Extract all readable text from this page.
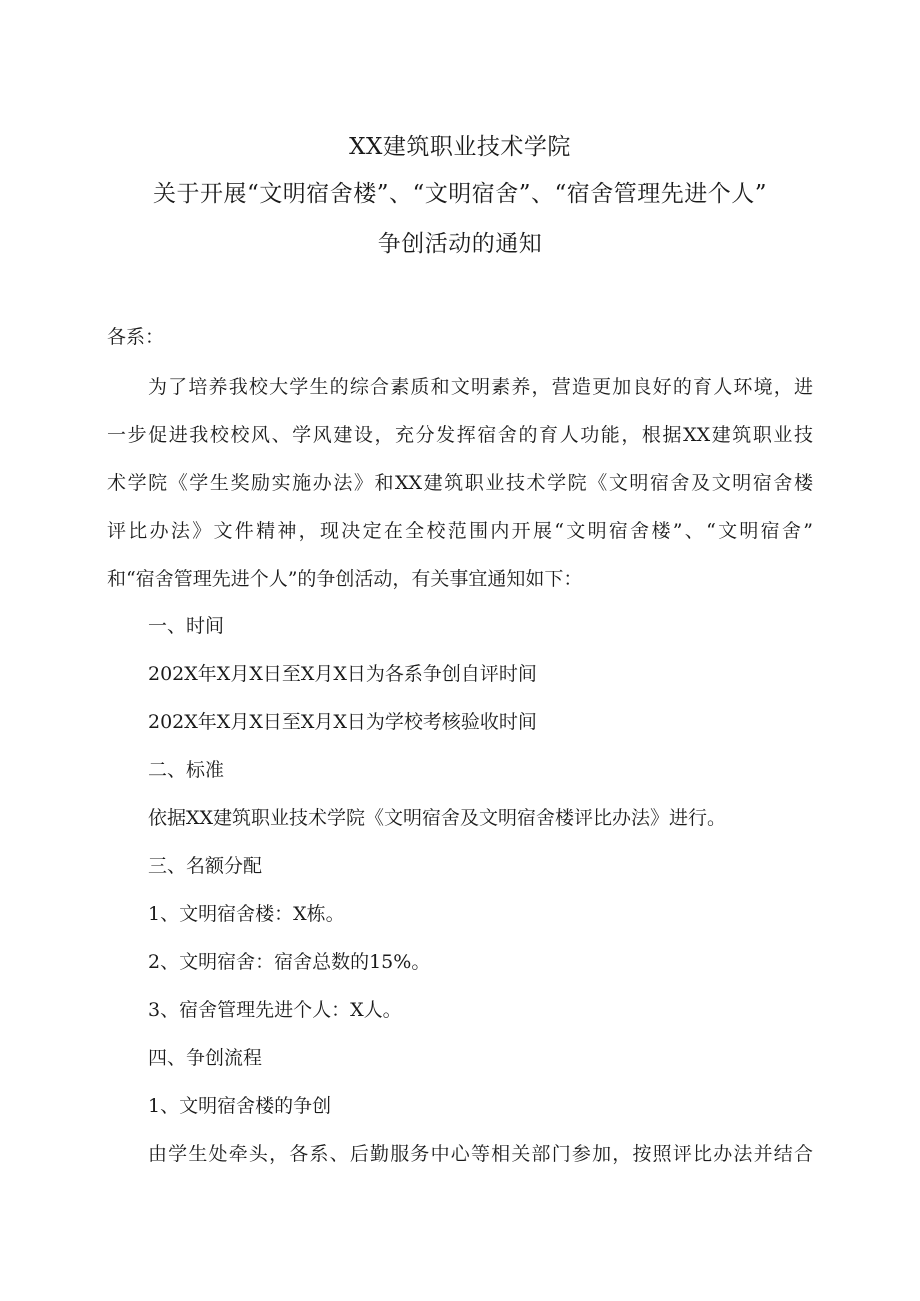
XX建筑职业技术学院
关于开展“文明宿舍楼”、“文明宿舍”、“宿舍管理先进个人”
争创活动的通知
各系：
为了培养我校大学生的综合素质和文明素养，营造更加良好的育人环境，进
一步促进我校校风、学风建设，充分发挥宿舍的育人功能，根据XX建筑职业技
术学院《学生奖励实施办法》和XX建筑职业技术学院《文明宿舍及文明宿舍楼
评比办法》文件精神，现决定在全校范围内开展“文明宿舍楼”、“文明宿舍”
和“宿舍管理先进个人”的争创活动，有关事宜通知如下：
一、时间
202X年X月X日至X月X日为各系争创自评时间
202X年X月X日至X月X日为学校考核验收时间
二、标准
依据XX建筑职业技术学院《文明宿舍及文明宿舍楼评比办法》进行。
三、名额分配
1、文明宿舍楼：X栋。
2、文明宿舍：宿舍总数的15%。
3、宿舍管理先进个人：X人。
四、争创流程
1、文明宿舍楼的争创
由学生处牵头，各系、后勤服务中心等相关部门参加，按照评比办法并结合
